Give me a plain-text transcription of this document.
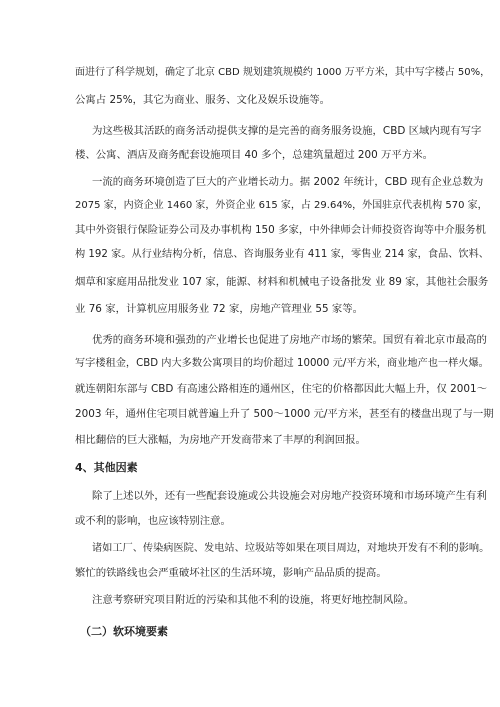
面进行了科学规划，确定了北京 CBD 规划建筑规模约 1000 万平方米，其中写字楼占 50%，
公寓占 25%，其它为商业、服务、文化及娱乐设施等。
为这些极其活跃的商务活动提供支撑的是完善的商务服务设施，CBD 区域内现有写字
楼、公寓、酒店及商务配套设施项目 40 多个，总建筑量超过 200 万平方米。
一流的商务环境创造了巨大的产业增长动力。据 2002 年统计，CBD 现有企业总数为
2075 家，内资企业 1460 家，外资企业 615 家，占 29.64%，外国驻京代表机构 570 家，
其中外资银行保险证券公司及办事机构 150 多家，中外律师会计师投资咨询等中介服务机
构 192 家。从行业结构分析，信息、咨询服务业有 411 家，零售业 214 家，食品、饮料、
烟草和家庭用品批发业 107 家，能源、材料和机械电子设备批发 业 89 家，其他社会服务
业 76 家，计算机应用服务业 72 家，房地产管理业 55 家等。
优秀的商务环境和强劲的产业增长也促进了房地产市场的繁荣。国贸有着北京市最高的
写字楼租金，CBD 内大多数公寓项目的均价超过 10000 元/平方米，商业地产也一样火爆。
就连朝阳东部与 CBD 有高速公路相连的通州区，住宅的价格都因此大幅上升，仅 2001～
2003 年，通州住宅项目就普遍上升了 500～1000 元/平方米，甚至有的楼盘出现了与一期
相比翻倍的巨大涨幅，为房地产开发商带来了丰厚的利润回报。
4、其他因素
除了上述以外，还有一些配套设施或公共设施会对房地产投资环境和市场环境产生有利
或不利的影响，也应该特别注意。
诸如工厂、传染病医院、发电站、垃圾站等如果在项目周边，对地块开发有不利的影响。
繁忙的铁路线也会严重破坏社区的生活环境，影响产品品质的提高。
注意考察研究项目附近的污染和其他不利的设施，将更好地控制风险。
（二）软环境要素
